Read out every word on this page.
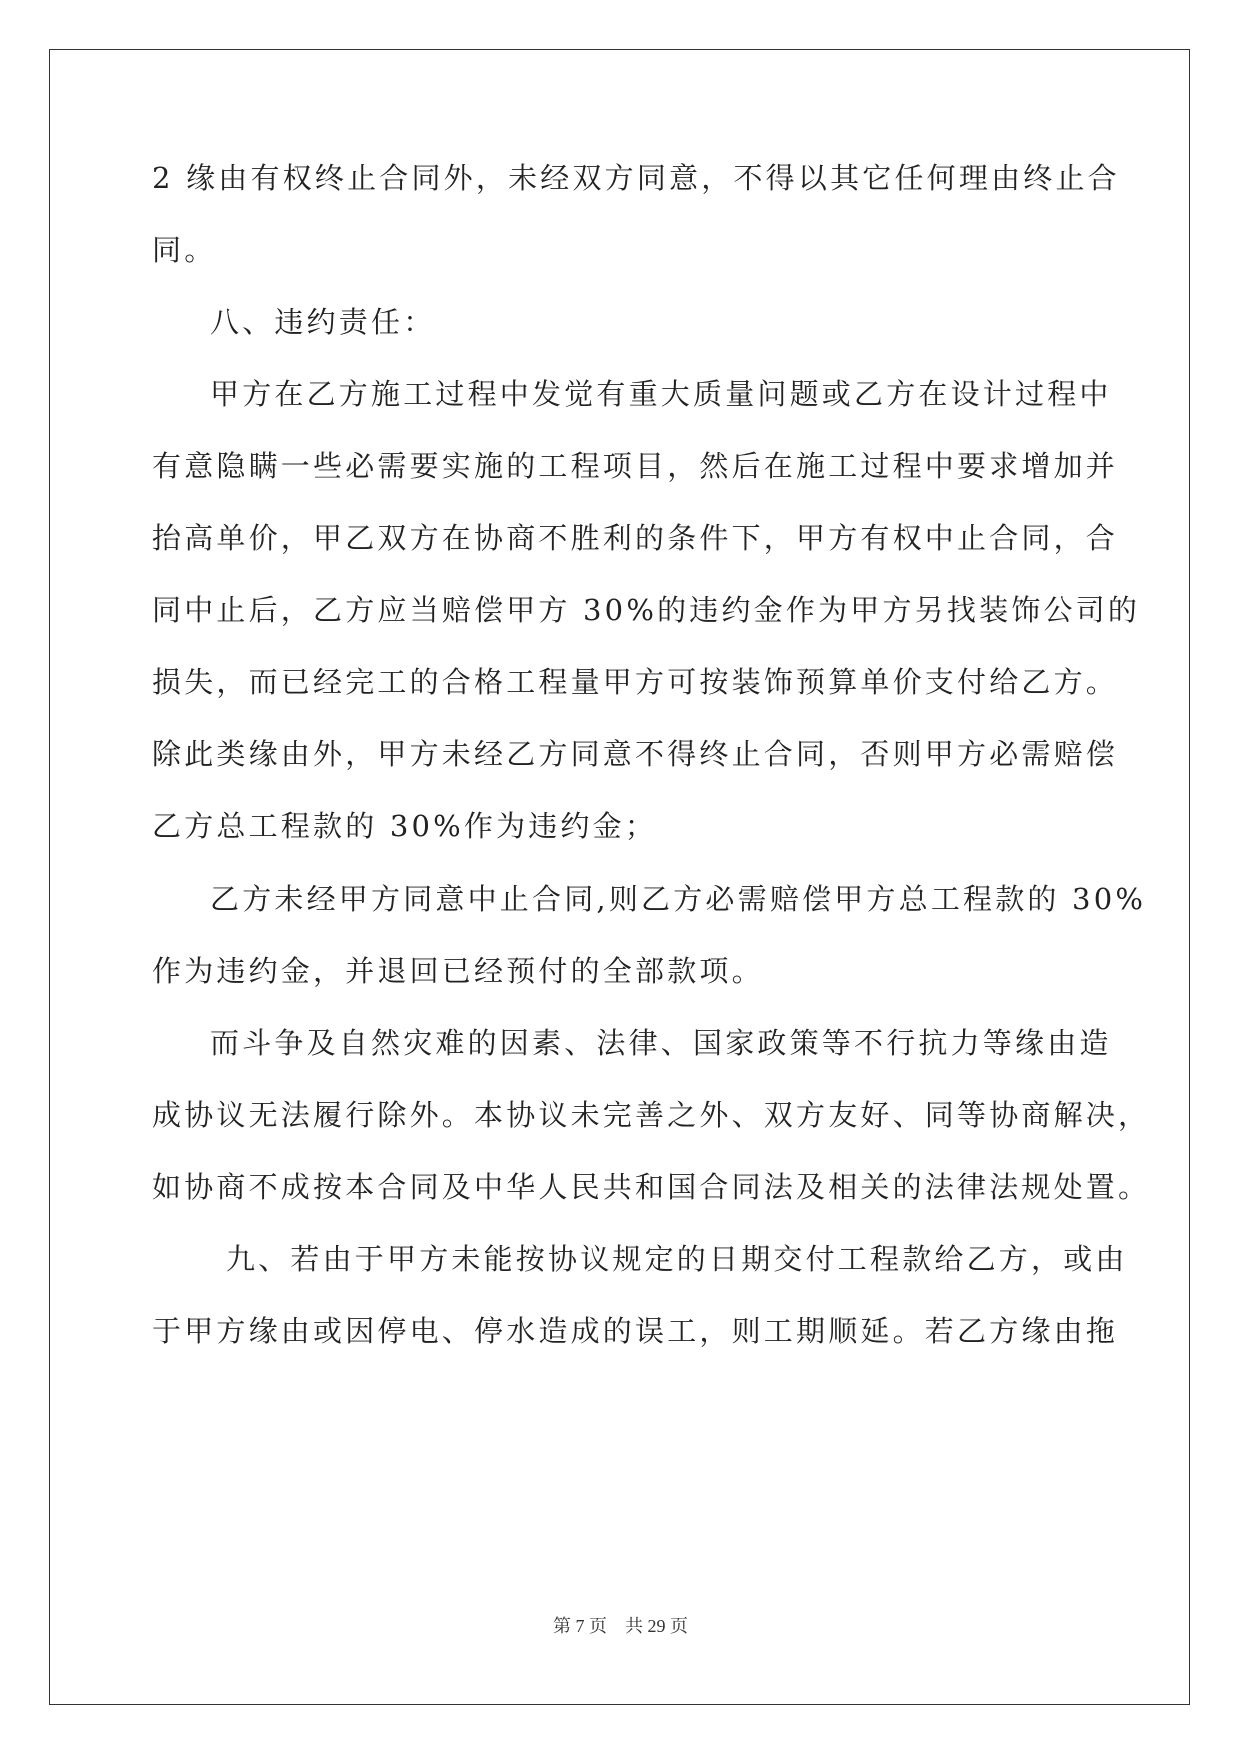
2 缘由有权终止合同外，未经双方同意，不得以其它任何理由终止合
同。
八、违约责任：
甲方在乙方施工过程中发觉有重大质量问题或乙方在设计过程中
有意隐瞒一些必需要实施的工程项目，然后在施工过程中要求增加并
抬高单价，甲乙双方在协商不胜利的条件下，甲方有权中止合同，合
同中止后，乙方应当赔偿甲方 30%的违约金作为甲方另找装饰公司的
损失，而已经完工的合格工程量甲方可按装饰预算单价支付给乙方。
除此类缘由外，甲方未经乙方同意不得终止合同，否则甲方必需赔偿
乙方总工程款的 30%作为违约金；
乙方未经甲方同意中止合同,则乙方必需赔偿甲方总工程款的 30%
作为违约金，并退回已经预付的全部款项。
而斗争及自然灾难的因素、法律、国家政策等不行抗力等缘由造
成协议无法履行除外。本协议未完善之外、双方友好、同等协商解决，
如协商不成按本合同及中华人民共和国合同法及相关的法律法规处置。
九、若由于甲方未能按协议规定的日期交付工程款给乙方，或由
于甲方缘由或因停电、停水造成的误工，则工期顺延。若乙方缘由拖
第 7 页 共 29 页
